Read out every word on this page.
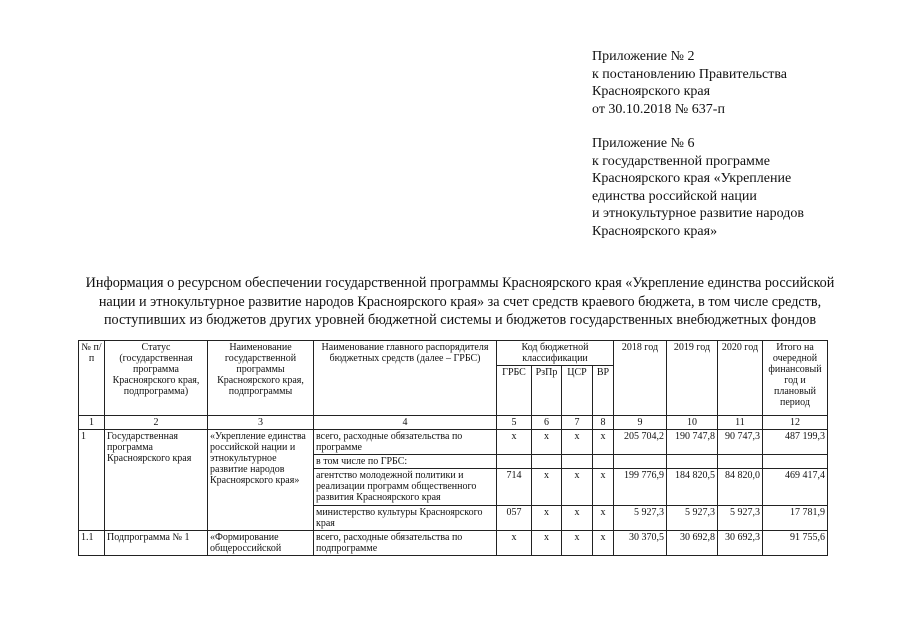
Приложение № 2
к постановлению Правительства
Красноярского края
от 30.10.2018 № 637-п
Приложение № 6
к государственной программе
Красноярского края «Укрепление
единства российской нации
и этнокультурное развитие народов
Красноярского края»
Информация о ресурсном обеспечении государственной программы Красноярского края «Укрепление единства российской
нации и этнокультурное развитие народов Красноярского края» за счет средств краевого бюджета, в том числе средств,
поступивших из бюджетов других уровней бюджетной системы и бюджетов государственных внебюджетных фондов
№ п/п	Статус (государственная программа Красноярского края, подпрограмма)	Наименование государственной программы Красноярского края, подпрограммы	Наименование главного распорядителя бюджетных средств (далее – ГРБС)	Код бюджетной классификации				2018 год	2019 год	2020 год	Итого на очередной финансовый год и плановый период
				ГРБС	РзПр	ЦСР	ВР				
1	2	3	4	5	6	7	8	9	10	11	12
1	Государственная программа Красноярского края	«Укрепление единства российской нации и этнокультурное развитие народов Красноярского края»	всего, расходные обязательства по программе	х	х	х	х	205 704,2	190 747,8	90 747,3	487 199,3
			в том числе по ГРБС:								
			агентство молодежной политики и реализации программ общественного развития Красноярского края	714	х	х	х	199 776,9	184 820,5	84 820,0	469 417,4
			министерство культуры Красноярского края	057	х	х	х	5 927,3	5 927,3	5 927,3	17 781,9
1.1	Подпрограмма № 1	«Формирование общероссийской	всего, расходные обязательства по подпрограмме	х	х	х	х	30 370,5	30 692,8	30 692,3	91 755,6
